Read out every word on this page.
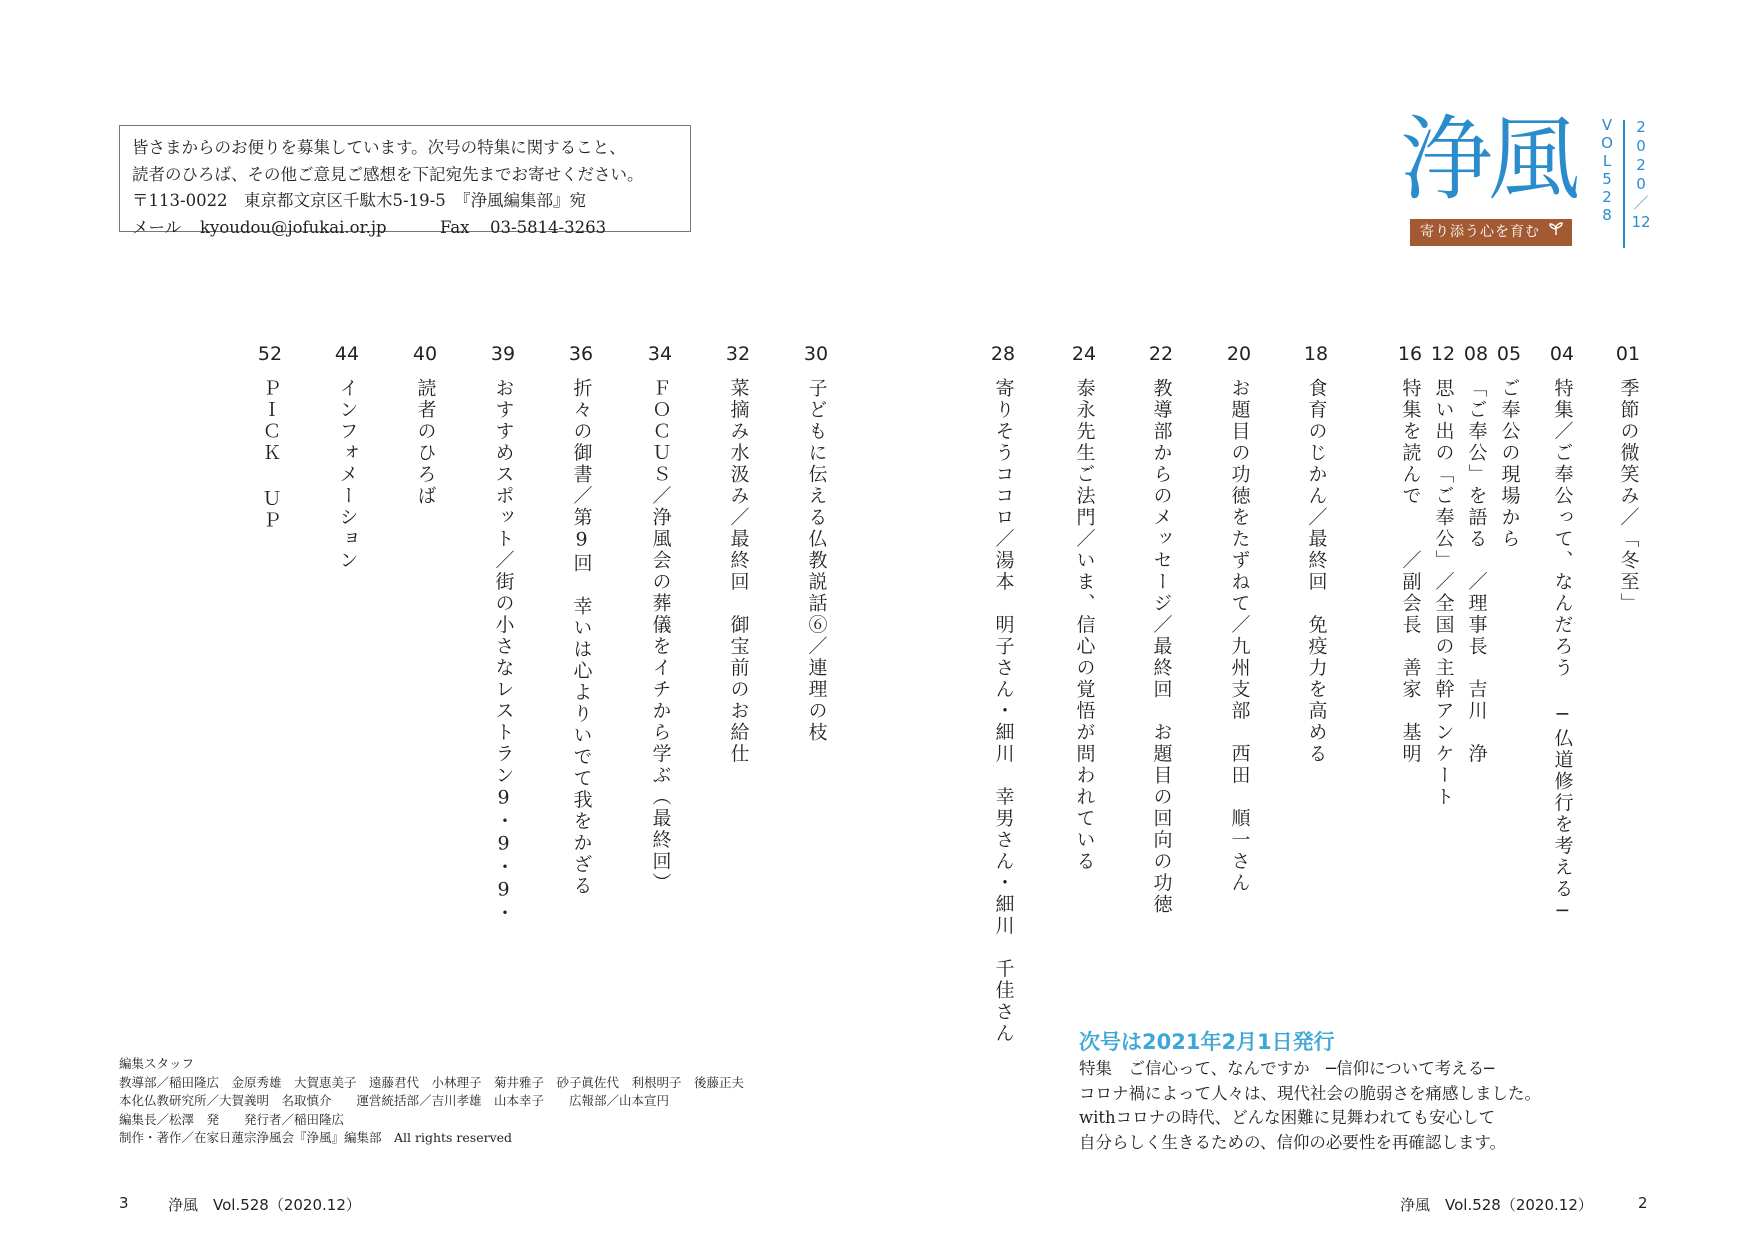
皆さまからのお便りを募集しています。次号の特集に関すること、
読者のひろば、その他ご意見ご感想を下記宛先までお寄せください。
〒113-0022　東京都文京区千駄木5-19-5　『浄風編集部』宛
メール kyoudou@jofukai.or.jp	Fax 03-5814-3263
浄風
寄り添う心を育む
V
O
L
5
2
8
2
0
2
0
／
12
01
季節の微笑み／「冬至」
04
特集／ご奉公って、なんだろう ─仏道修行を考える─
05
ご奉公の現場から
08
「ご奉公」を語る　／理事長　吉川　浄
12
思い出の「ご奉公」／全国の主幹アンケート
16
特集を読んで　　／副会長　善家　基明
18
食育のじかん／最終回　免疫力を高める
20
お題目の功徳をたずねて／九州支部　西田　順一さん
22
教導部からのメッセージ／最終回　お題目の回向の功徳
24
泰永先生ご法門／いま、信心の覚悟が問われている
28
寄りそうココロ／湯本　明子さん・細川　幸男さん・細川　千佳さん
30
子どもに伝える仏教説話⑥／連理の枝
32
菜摘み水汲み／最終回　御宝前のお給仕
34
ＦＯＣＵＳ／浄風会の葬儀をイチから学ぶ（最終回）
36
折々の御書／第9回　幸いは心よりいでて我をかざる
39
おすすめスポット／街の小さなレストラン9・9・9・
40
読者のひろば
44
インフォメーション
52
ＰＩＣＫ ＵＰ
次号は2021年2月1日発行
特集　ご信心って、なんですか　─信仰について考える─
コロナ禍によって人々は、現代社会の脆弱さを痛感しました。
withコロナの時代、どんな困難に見舞われても安心して
自分らしく生きるための、信仰の必要性を再確認します。
編集スタッフ
教導部／稲田隆広　金原秀雄　大賀恵美子　遠藤君代　小林理子　菊井雅子　砂子眞佐代　利根明子　後藤正夫
本化仏教研究所／大賀義明　名取慎介　　運営統括部／吉川孝雄　山本幸子　　広報部／山本宣円
編集長／松澤　発　　発行者／稲田隆広
制作・著作／在家日蓮宗浄風会『浄風』編集部　All rights reserved
3	浄風　Vol.528（2020.12）	浄風　Vol.528（2020.12）	2
